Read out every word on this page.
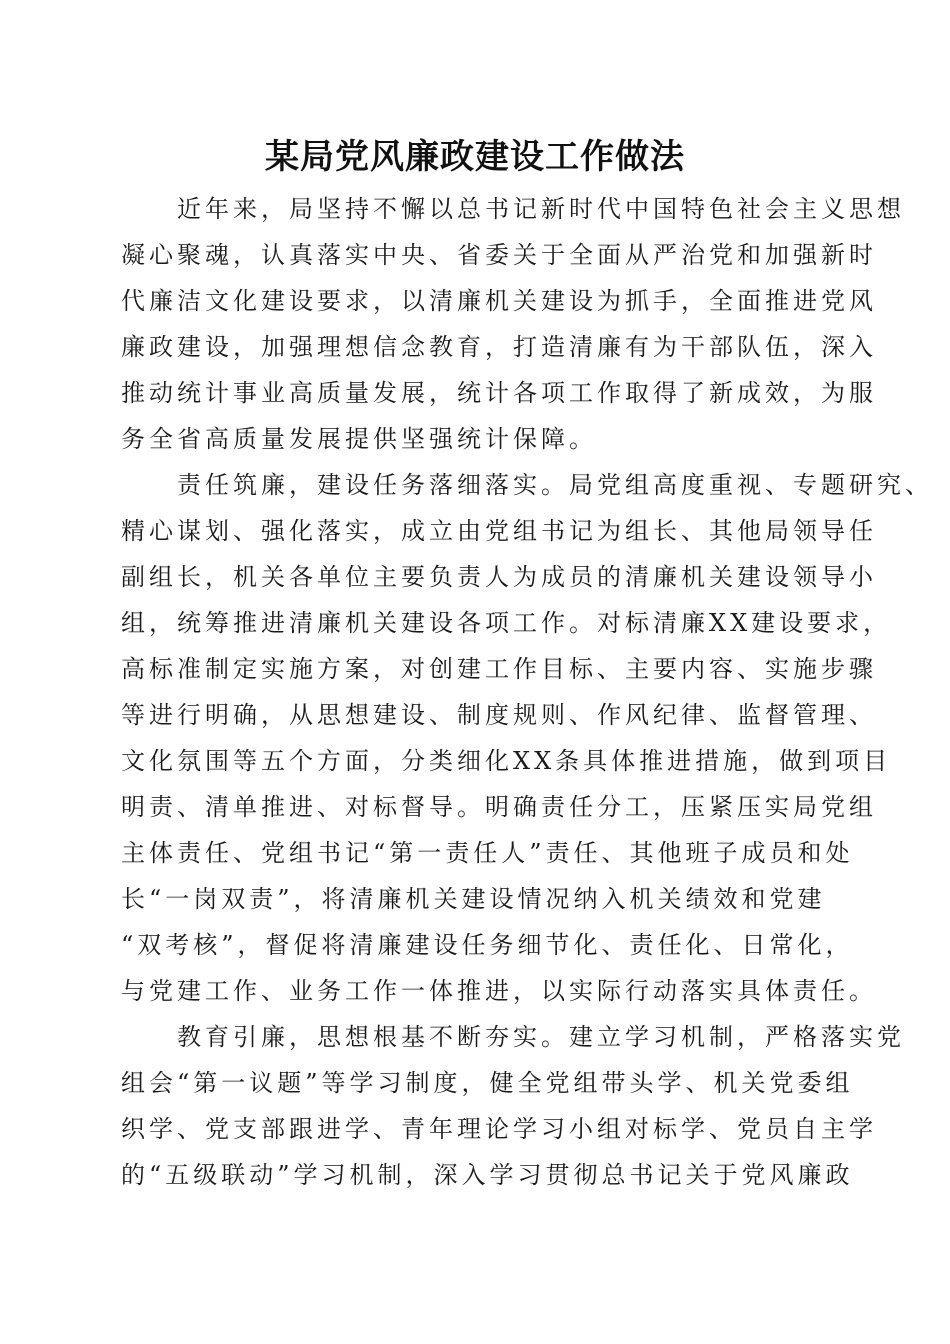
某局党风廉政建设工作做法
　　近年来，局坚持不懈以总书记新时代中国特色社会主义思想
凝心聚魂，认真落实中央、省委关于全面从严治党和加强新时
代廉洁文化建设要求，以清廉机关建设为抓手，全面推进党风
廉政建设，加强理想信念教育，打造清廉有为干部队伍，深入
推动统计事业高质量发展，统计各项工作取得了新成效，为服
务全省高质量发展提供坚强统计保障。
　　责任筑廉，建设任务落细落实。局党组高度重视、专题研究、
精心谋划、强化落实，成立由党组书记为组长、其他局领导任
副组长，机关各单位主要负责人为成员的清廉机关建设领导小
组，统筹推进清廉机关建设各项工作。对标清廉XX建设要求，
高标准制定实施方案，对创建工作目标、主要内容、实施步骤
等进行明确，从思想建设、制度规则、作风纪律、监督管理、
文化氛围等五个方面，分类细化XX条具体推进措施，做到项目
明责、清单推进、对标督导。明确责任分工，压紧压实局党组
主体责任、党组书记“第一责任人”责任、其他班子成员和处
长“一岗双责”，将清廉机关建设情况纳入机关绩效和党建
“双考核”，督促将清廉建设任务细节化、责任化、日常化，
与党建工作、业务工作一体推进，以实际行动落实具体责任。
　　教育引廉，思想根基不断夯实。建立学习机制，严格落实党
组会“第一议题”等学习制度，健全党组带头学、机关党委组
织学、党支部跟进学、青年理论学习小组对标学、党员自主学
的“五级联动”学习机制，深入学习贯彻总书记关于党风廉政
